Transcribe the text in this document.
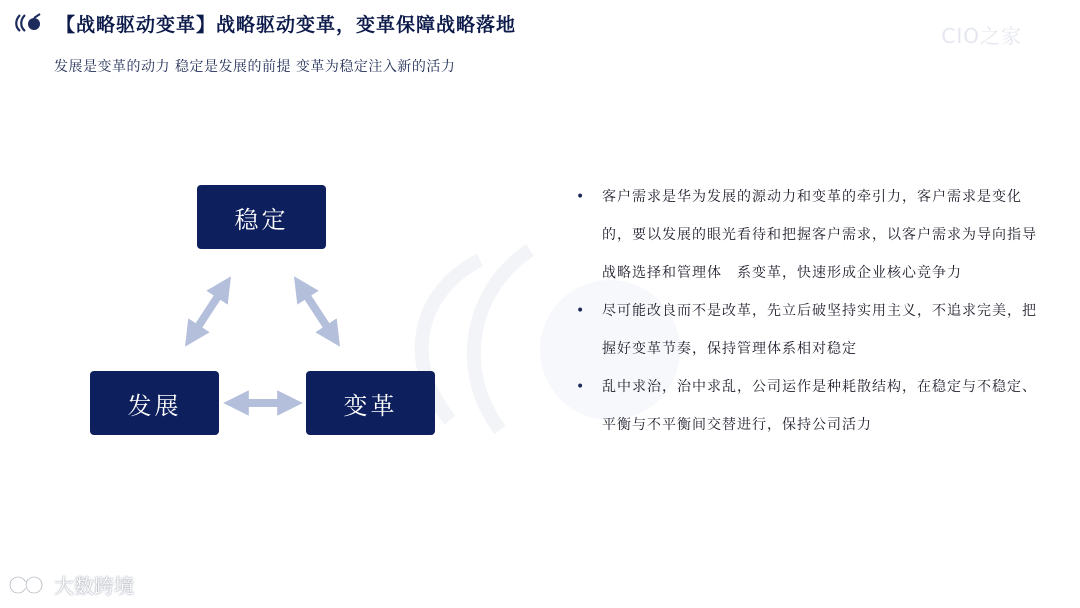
【战略驱动变革】战略驱动变革，变革保障战略落地
发展是变革的动力 稳定是发展的前提 变革为稳定注入新的活力
CIO之家
稳定
发展	变革
• 客户需求是华为发展的源动力和变革的牵引力，客户需求是变化的，要以发展的眼光看待和把握客户需求，以客户需求为导向指导战略选择和管理体　系变革，快速形成企业核心竞争力
• 尽可能改良而不是改革，先立后破坚持实用主义，不追求完美，把握好变革节奏，保持管理体系相对稳定
• 乱中求治，治中求乱，公司运作是种耗散结构，在稳定与不稳定、平衡与不平衡间交替进行，保持公司活力
大数跨境
